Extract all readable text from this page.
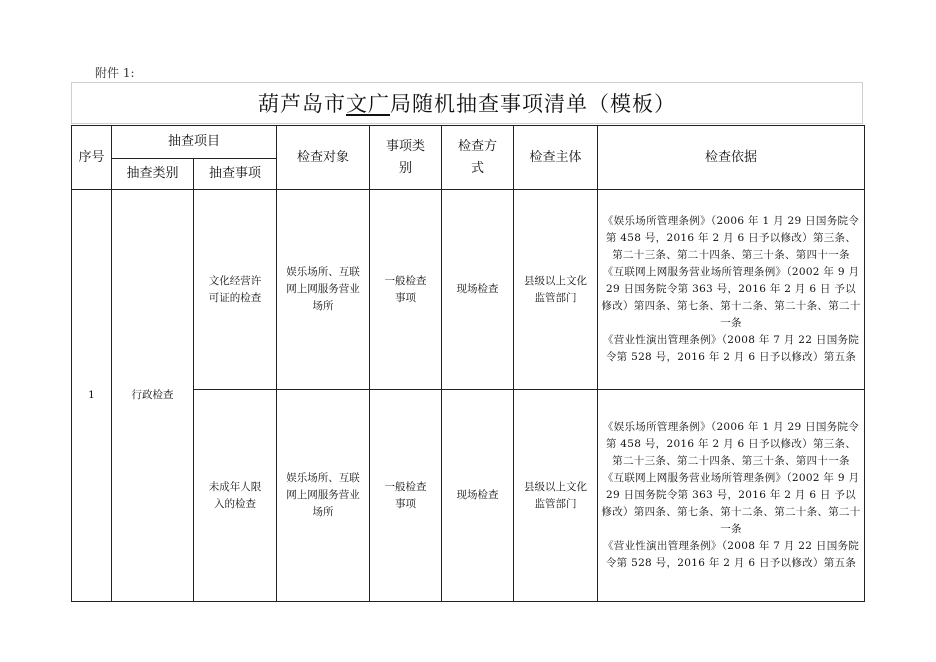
附件 1:
葫芦岛市 文广 局随机抽查事项清单（模板）
序号	抽查项目		检查对象	事项类别	检查方式	检查主体	检查依据
	抽查类别	抽查事项					
1	行政检查	文化经营许可证的检查	娱乐场所、互联网上网服务营业场所	一般检查事项	现场检查	县级以上文化监管部门	《娱乐场所管理条例》（2006 年 1 月 29 日国务院令第 458 号，2016 年 2 月 6 日予以修改）第三条、第二十三条、第二十四条、第三十条、第四十一条
《互联网上网服务营业场所管理条例》（2002 年 9 月 29 日国务院令第 363 号，2016 年 2 月 6 日 予以修改）第四条、第七条、第十二条、第二十条、第二十一条
《营业性演出管理条例》（2008 年 7 月 22 日国务院令第 528 号，2016 年 2 月 6 日予以修改）第五条

		未成年人限入的检查	娱乐场所、互联网上网服务营业场所	一般检查事项	现场检查	县级以上文化监管部门	《娱乐场所管理条例》（2006 年 1 月 29 日国务院令第 458 号，2016 年 2 月 6 日予以修改）第三条、第二十三条、第二十四条、第三十条、第四十一条
《互联网上网服务营业场所管理条例》（2002 年 9 月 29 日国务院令第 363 号，2016 年 2 月 6 日 予以修改）第四条、第七条、第十二条、第二十条、第二十一条
《营业性演出管理条例》（2008 年 7 月 22 日国务院令第 528 号，2016 年 2 月 6 日予以修改）第五条
